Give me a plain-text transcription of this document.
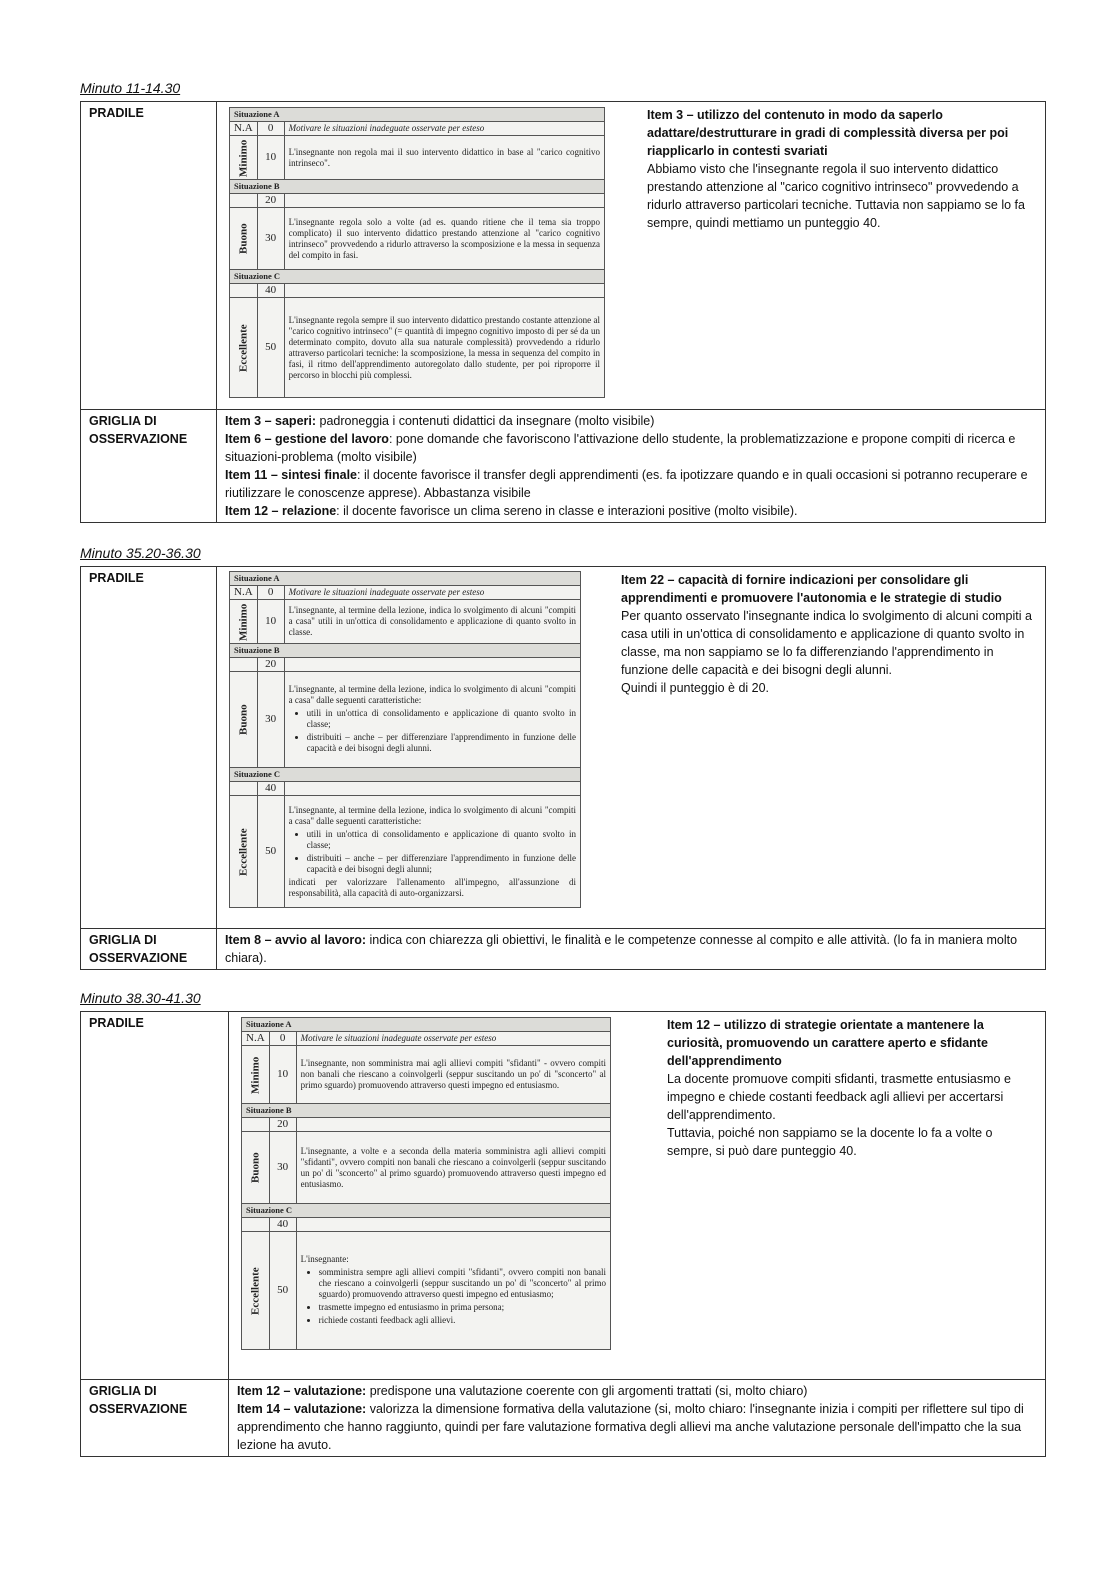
Minuto 11-14.30
PRADILE		Situazione A
N.A	0	Motivare le situazioni inadeguate osservate per esteso
Minimo	10	L'insegnante non regola mai il suo intervento didattico in base al "carico cognitivo intrinseco".
Situazione B
	20	
Buono	30	L'insegnante regola solo a volte (ad es. quando ritiene che il tema sia troppo complicato) il suo intervento didattico prestando attenzione al "carico cognitivo intrinseco" provvedendo a ridurlo attraverso la scomposizione e la messa in sequenza del compito in fasi.
Situazione C
	40	
Eccellente	50	L'insegnante regola sempre il suo intervento didattico prestando costante attenzione al "carico cognitivo intrinseco" (= quantità di impegno cognitivo imposto di per sé da un determinato compito, dovuto alla sua naturale complessità) provvedendo a ridurlo attraverso particolari tecniche: la scomposizione, la messa in sequenza del compito in fasi, il ritmo dell'apprendimento autoregolato dallo studente, per poi riproporre il percorso in blocchi più complessi.
Item 3 – utilizzo del contenuto in modo da saperlo adattare/destrutturare in gradi di complessità diversa per poi riapplicarlo in contesti svariati
Abbiamo visto che l'insegnante regola il suo intervento didattico prestando attenzione al "carico cognitivo intrinseco" provvedendo a ridurlo attraverso particolari tecniche. Tuttavia non sappiamo se lo fa sempre, quindi mettiamo un punteggio 40.

GRIGLIA DI OSSERVAZIONE	
Item 3 – saperi: padroneggia i contenuti didattici da insegnare (molto visibile)
Item 6 – gestione del lavoro: pone domande che favoriscono l'attivazione dello studente, la problematizzazione e propone compiti di ricerca e situazioni-problema (molto visibile)
Item 11 – sintesi finale: il docente favorisce il transfer degli apprendimenti (es. fa ipotizzare quando e in quali occasioni si potranno recuperare e riutilizzare le conoscenze apprese). Abbastanza visibile
Item 12 – relazione: il docente favorisce un clima sereno in classe e interazioni positive (molto visibile).
Minuto 35.20-36.30
PRADILE		Situazione A
N.A	0	Motivare le situazioni inadeguate osservate per esteso
Minimo	10	L'insegnante, al termine della lezione, indica lo svolgimento di alcuni "compiti a casa" utili in un'ottica di consolidamento e applicazione di quanto svolto in classe.
Situazione B
	20	
Buono	30	L'insegnante, al termine della lezione, indica lo svolgimento di alcuni "compiti a casa" dalle seguenti caratteristiche:
• utili in un'ottica di consolidamento e applicazione di quanto svolto in classe;
• distribuiti – anche – per differenziare l'apprendimento in funzione delle capacità e dei bisogni degli alunni.

Situazione C
	40	
Eccellente	50	L'insegnante, al termine della lezione, indica lo svolgimento di alcuni "compiti a casa" dalle seguenti caratteristiche:
• utili in un'ottica di consolidamento e applicazione di quanto svolto in classe;
• distribuiti – anche – per differenziare l'apprendimento in funzione delle capacità e dei bisogni degli alunni;
indicati per valorizzare l'allenamento all'impegno, all'assunzione di responsabilità, alla capacità di auto-organizzarsi.
Item 22 – capacità di fornire indicazioni per consolidare gli apprendimenti e promuovere l'autonomia e le strategie di studio
Per quanto osservato l'insegnante indica lo svolgimento di alcuni compiti a casa utili in un'ottica di consolidamento e applicazione di quanto svolto in classe, ma non sappiamo se lo fa differenziando l'apprendimento in funzione delle capacità e dei bisogni degli alunni.
Quindi il punteggio è di 20.

GRIGLIA DI OSSERVAZIONE	
Item 8 – avvio al lavoro: indica con chiarezza gli obiettivi, le finalità e le competenze connesse al compito e alle attività. (lo fa in maniera molto chiara).
Minuto 38.30-41.30
PRADILE		Situazione A
N.A	0	Motivare le situazioni inadeguate osservate per esteso
Minimo	10	L'insegnante, non somministra mai agli allievi compiti "sfidanti" - ovvero compiti non banali che riescano a coinvolgerli (seppur suscitando un po' di "sconcerto" al primo sguardo) promuovendo attraverso questi impegno ed entusiasmo.
Situazione B
	20	
Buono	30	L'insegnante, a volte e a seconda della materia somministra agli allievi compiti "sfidanti", ovvero compiti non banali che riescano a coinvolgerli (seppur suscitando un po' di "sconcerto" al primo sguardo) promuovendo attraverso questi impegno ed entusiasmo.
Situazione C
	40	
Eccellente	50	L'insegnante:
• somministra sempre agli allievi compiti "sfidanti", ovvero compiti non banali che riescano a coinvolgerli (seppur suscitando un po' di "sconcerto" al primo sguardo) promuovendo attraverso questi impegno ed entusiasmo;
• trasmette impegno ed entusiasmo in prima persona;
• richiede costanti feedback agli allievi.
Item 12 – utilizzo di strategie orientate a mantenere la curiosità, promuovendo un carattere aperto e sfidante dell'apprendimento
La docente promuove compiti sfidanti, trasmette entusiasmo e impegno e chiede costanti feedback agli allievi per accertarsi dell'apprendimento.
Tuttavia, poiché non sappiamo se la docente lo fa a volte o sempre, si può dare punteggio 40.

GRIGLIA DI OSSERVAZIONE	
Item 12 – valutazione: predispone una valutazione coerente con gli argomenti trattati (si, molto chiaro)
Item 14 – valutazione: valorizza la dimensione formativa della valutazione (si, molto chiaro: l'insegnante inizia i compiti per riflettere sul tipo di apprendimento che hanno raggiunto, quindi per fare valutazione formativa degli allievi ma anche valutazione personale dell'impatto che la sua lezione ha avuto.
